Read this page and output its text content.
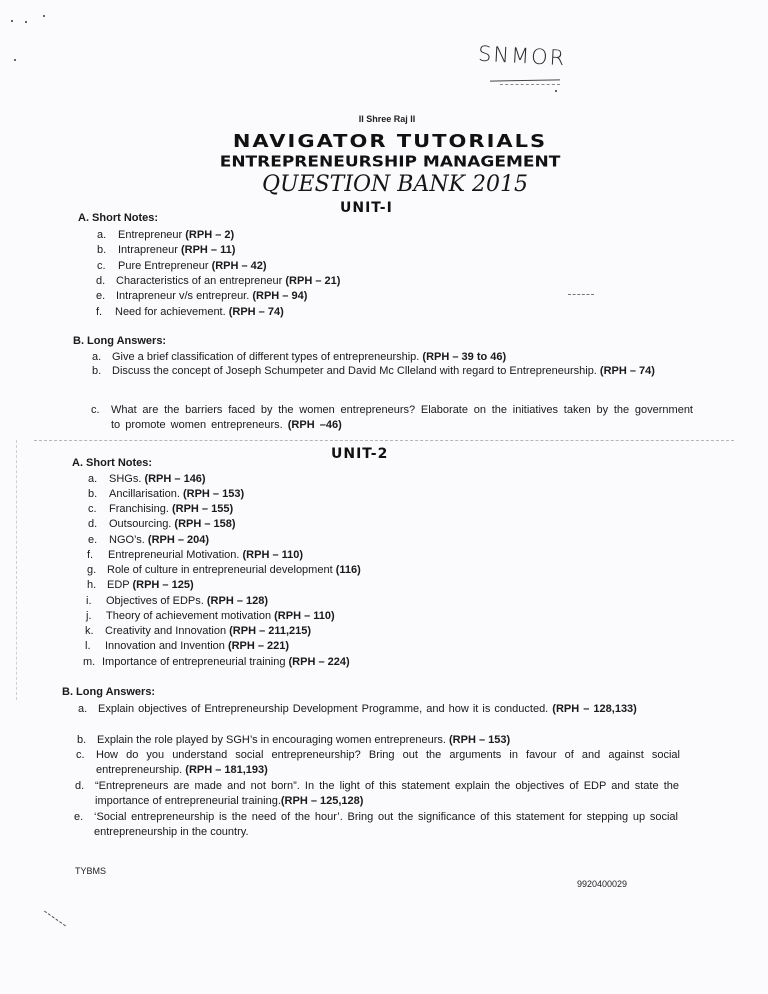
SNMOR
II Shree Raj II
NAVIGATOR TUTORIALS
ENTREPRENEURSHIP MANAGEMENT
QUESTION BANK 2015
UNIT-I
A. Short Notes:
a. Entrepreneur (RPH – 2)
b. Intrapreneur (RPH – 11)
c. Pure Entrepreneur (RPH – 42)
d. Characteristics of an entrepreneur (RPH – 21)
e. Intrapreneur v/s entrepreur. (RPH – 94)
f. Need for achievement. (RPH – 74)
B. Long Answers:
a. Give a brief classification of different types of entrepreneurship. (RPH – 39 to 46)
b. Discuss the concept of Joseph Schumpeter and David Mc Clleland with regard to Entrepreneurship. (RPH – 74)
c. What are the barriers faced by the women entrepreneurs? Elaborate on the initiatives taken by the government to promote women entrepreneurs. (RPH –46)
UNIT-2
A. Short Notes:
a. SHGs. (RPH – 146)
b. Ancillarisation. (RPH – 153)
c. Franchising. (RPH – 155)
d. Outsourcing. (RPH – 158)
e. NGO’s. (RPH – 204)
f. Entrepreneurial Motivation. (RPH – 110)
g. Role of culture in entrepreneurial development (116)
h. EDP (RPH – 125)
i. Objectives of EDPs. (RPH – 128)
j. Theory of achievement motivation (RPH – 110)
k. Creativity and Innovation (RPH – 211,215)
l. Innovation and Invention (RPH – 221)
m. Importance of entrepreneurial training (RPH – 224)
B. Long Answers:
a. Explain objectives of Entrepreneurship Development Programme, and how it is conducted. (RPH – 128,133)
b. Explain the role played by SGH’s in encouraging women entrepreneurs. (RPH – 153)
c. How do you understand social entrepreneurship? Bring out the arguments in favour of and against social entrepreneurship. (RPH – 181,193)
d. “Entrepreneurs are made and not born”. In the light of this statement explain the objectives of EDP and state the importance of entrepreneurial training.(RPH – 125,128)
e. ‘Social entrepreneurship is the need of the hour’. Bring out the significance of this statement for stepping up social entrepreneurship in the country.
TYBMS
9920400029
